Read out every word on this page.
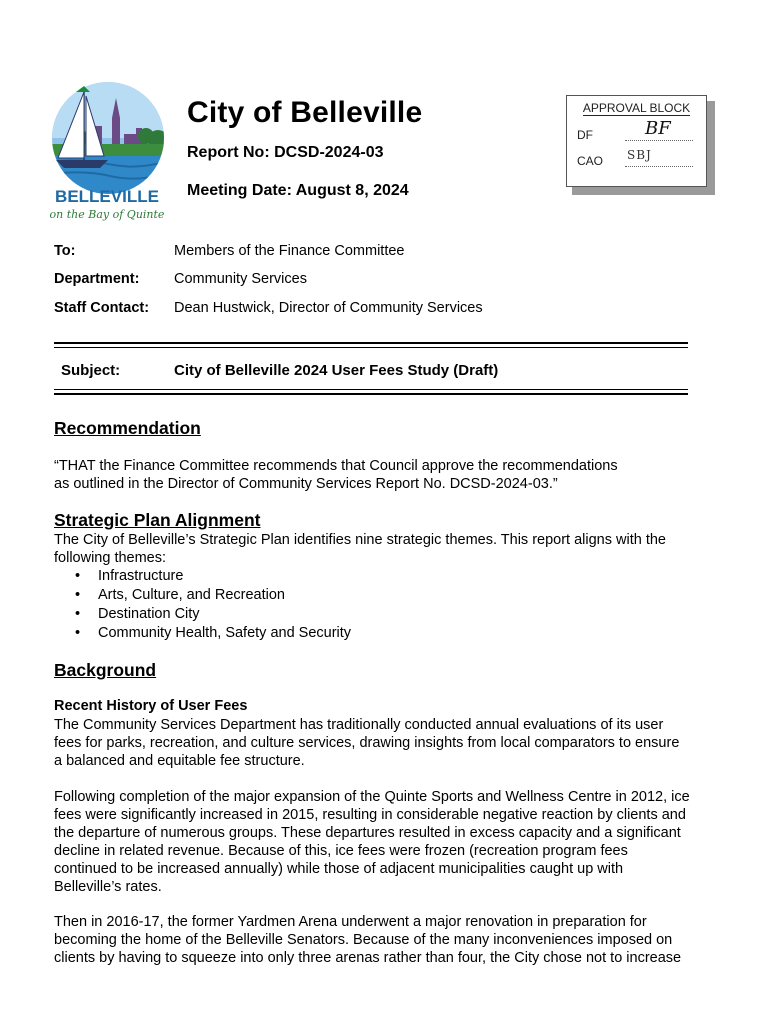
BELLEVILLE
on the Bay of Quinte
City of Belleville
Report No: DCSD-2024-03
Meeting Date: August 8, 2024
APPROVAL BLOCK
DF	BF
CAO SBJ
To:	Members of the Finance Committee
Department: Community Services
Staff Contact: Dean Hustwick, Director of Community Services
Subject:	City of Belleville 2024 User Fees Study (Draft)
Recommendation

“THAT the Finance Committee recommends that Council approve the recommendations

as outlined in the Director of Community Services Report No. DCSD-2024-03.”

Strategic Plan Alignment

The City of Belleville’s Strategic Plan identifies nine strategic themes. This report aligns with the

following themes:

• Infrastructure
• Arts, Culture, and Recreation
• Destination City
• Community Health, Safety and Security
Background
Recent History of User Fees

The Community Services Department has traditionally conducted annual evaluations of its user

fees for parks, recreation, and culture services, drawing insights from local comparators to ensure

a balanced and equitable fee structure.

Following completion of the major expansion of the Quinte Sports and Wellness Centre in 2012, ice

fees were significantly increased in 2015, resulting in considerable negative reaction by clients and

the departure of numerous groups. These departures resulted in excess capacity and a significant

decline in related revenue. Because of this, ice fees were frozen (recreation program fees

continued to be increased annually) while those of adjacent municipalities caught up with

Belleville’s rates.

Then in 2016-17, the former Yardmen Arena underwent a major renovation in preparation for

becoming the home of the Belleville Senators. Because of the many inconveniences imposed on

clients by having to squeeze into only three arenas rather than four, the City chose not to increase
